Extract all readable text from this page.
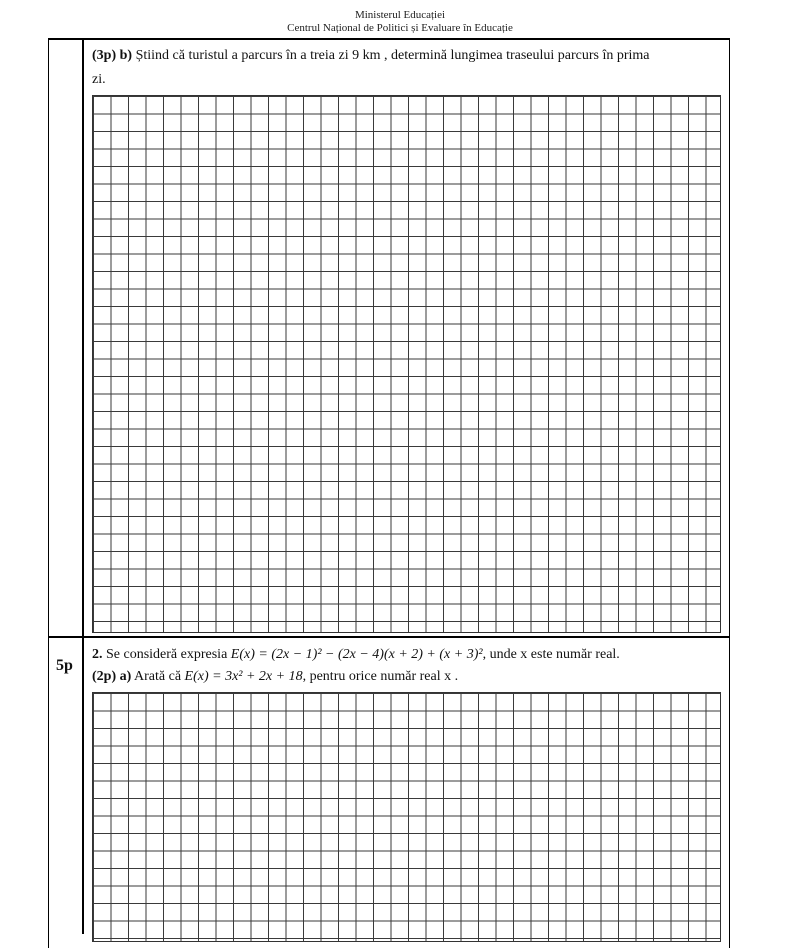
Ministerul Educației
Centrul Național de Politici și Evaluare în Educație
(3p) b) Știind că turistul a parcurs în a treia zi 9 km , determină lungimea traseului parcurs în prima
zi.
5p
2. Se consideră expresia E(x) = (2x − 1)² − (2x − 4)(x + 2) + (x + 3)², unde x este număr real.
(2p) a) Arată că E(x) = 3x² + 2x + 18, pentru orice număr real x .
